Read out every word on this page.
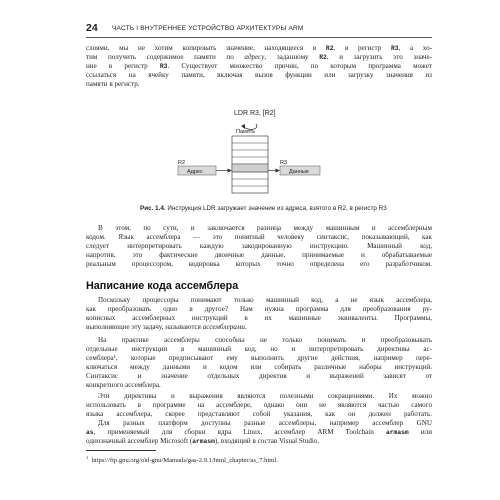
24 ЧАСТЬ I ВНУТРЕННЕЕ УСТРОЙСТВО АРХИТЕКТУРЫ ARM

слоями, мы не хотим копировать значение, находящееся в R2, в регистр R3, а хо-
тим получить содержимое памяти по адресу, заданному R2, и загрузить это значе-
ние в регистр R3. Существует множество причин, по которым программа может
ссылаться на ячейку памяти, включая вызов функции или загрузку значения из
памяти в регистр.

LDR R3, [R2]
Память
R2
Адрес
R3
Данные
Рис. 1.4. Инструкция LDR загружает значение из адреса, взятого в R2, в регистр R3

В этом, по сути, и заключается разница между машинным и ассемблерным
кодом. Язык ассемблера — это понятный человеку синтаксис, показывающий, как
следует интерпретировать каждую закодированную инструкцию. Машинный код,
напротив, это фактические двоичные данные, принимаемые и обрабатываемые
реальным процессором, кодировка которых точно определена его разработчиком.

Написание кода ассемблера

Поскольку процессоры понимают только машинный код, а не язык ассемблера,
как преобразовать одно в другое? Нам нужна программа для преобразования ру-
кописных ассемблерных инструкций в их машинные эквиваленты. Программы,
выполняющие эту задачу, называются ассемблерами.

На практике ассемблеры способны не только понимать и преобразовывать
отдельные инструкции в машинный код, но и интерпретировать директивы ас-
семблера¹, которые предписывают ему выполнить другие действия, например пере-
ключаться между данными и кодом или собирать различные наборы инструкций.
Синтаксис и значение отдельных директив и выражений зависят от
конкретного ассемблера.

Эти директивы и выражения являются полезными сокращениями. Их можно
использовать в программе на ассемблере, однако они не являются частью самого
языка ассемблера, скорее представляют собой указания, как он должен работать.
Для разных платформ доступны разные ассемблеры, например ассемблер GNU
as, применяемый для сборки ядра Linux, ассемблер ARM Toolchain armasm или
однозначный ассемблер Microsoft (armasm), входящий в состав Visual Studio.

$^1$ https://ftp.gnu.org/old-gnu/Manuals/gas-2.9.1/html_chapter/as_7.html.
